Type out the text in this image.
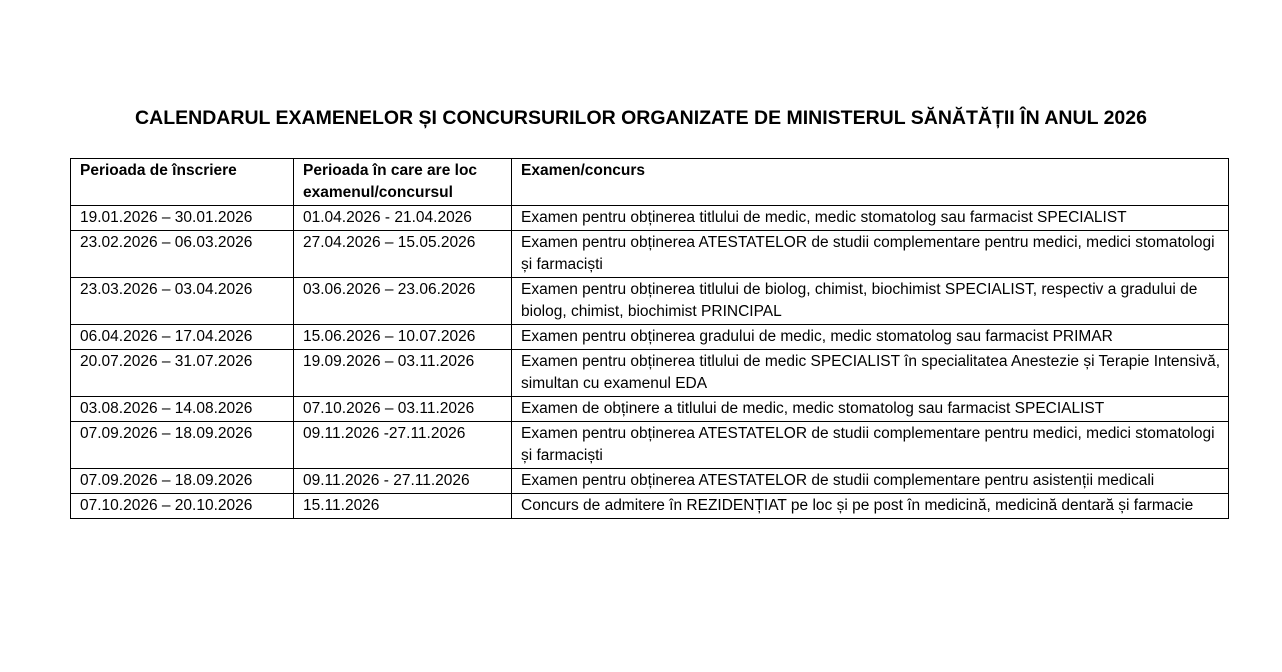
CALENDARUL EXAMENELOR ȘI CONCURSURILOR ORGANIZATE DE MINISTERUL SĂNĂTĂȚII ÎN ANUL 2026
Perioada de înscriere	Perioada în care are loc examenul/concursul	Examen/concurs
19.01.2026 – 30.01.2026	01.04.2026 - 21.04.2026	Examen pentru obținerea titlului de medic, medic stomatolog sau farmacist SPECIALIST
23.02.2026 – 06.03.2026	27.04.2026 – 15.05.2026	Examen pentru obținerea ATESTATELOR de studii complementare pentru medici, medici stomatologi și farmaciști
23.03.2026 – 03.04.2026	03.06.2026 – 23.06.2026	Examen pentru obținerea titlului de biolog, chimist, biochimist SPECIALIST, respectiv a gradului de biolog, chimist, biochimist PRINCIPAL
06.04.2026 – 17.04.2026	15.06.2026 – 10.07.2026	Examen pentru obținerea gradului de medic, medic stomatolog sau farmacist PRIMAR
20.07.2026 – 31.07.2026	19.09.2026 – 03.11.2026	Examen pentru obținerea titlului de medic SPECIALIST în specialitatea Anestezie și Terapie Intensivă, simultan cu examenul EDA
03.08.2026 – 14.08.2026	07.10.2026 – 03.11.2026	Examen de obținere a titlului de medic, medic stomatolog sau farmacist SPECIALIST
07.09.2026 – 18.09.2026	09.11.2026 -27.11.2026	Examen pentru obținerea ATESTATELOR de studii complementare pentru medici, medici stomatologi și farmaciști
07.09.2026 – 18.09.2026	09.11.2026 - 27.11.2026	Examen pentru obținerea ATESTATELOR de studii complementare pentru asistenții medicali
07.10.2026 – 20.10.2026	15.11.2026	Concurs de admitere în REZIDENȚIAT pe loc și pe post în medicină, medicină dentară și farmacie
